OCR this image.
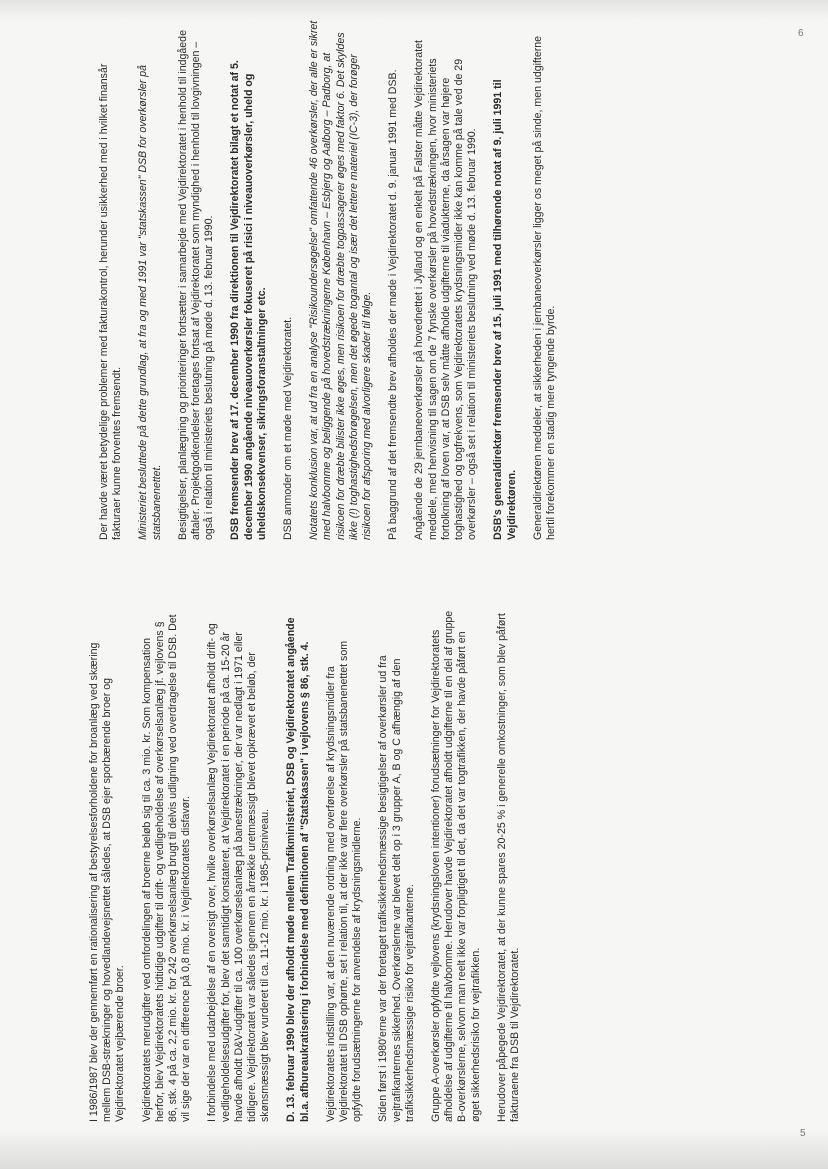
6
5

I 1986/1987 blev der gennemført en rationalisering af bestyrelsesforholdene for broanlæg ved skæring mellem DSB-strækninger og hovedlandevejsnettet således, at DSB ejer sporbærende broer og Vejdirektoratet vejbærende broer. Vejdirektoratets merudgifter ved omfordelingen af broerne beløb sig til ca. 3 mio. kr. Som kompensation herfor, blev Vejdirektoratets hidtidige udgifter til drift- og vedligeholdelse af overkørselsanlæg jf. vejlovens § 86, stk. 4 på ca. 2,2 mio. kr. for 242 overkørselsanlæg brugt til delvis udligning ved overdragelse til DSB. Det vil sige der var en difference på 0,8 mio. kr. i Vejdirektoratets disfavør. I forbindelse med udarbejdelse af en oversigt over, hvilke overkørselsanlæg Vejdirektoratet afholdt drift- og vedligeholdelsesudgifter for, blev det samtidigt konstateret, at Vejdirektoratet i en periode på ca. 15-20 år havde afholdt D&V-udgifter til ca. 100 overkørselsanlæg på banestrækninger, der var nedlagt i 1971 eller tidligere. Vejdirektoratet var således igennem en årrække uretmæssigt blevet opkrævet et beløb, der skønsmæssigt blev vurderet til ca. 11-12 mio. kr. i 1985-prisniveau. D. 13. februar 1990 blev der afholdt møde mellem Trafikministeriet, DSB og Vejdirektoratet angående bl.a. afbureaukratisering i forbindelse med definitionen af "Statskassen" i vejlovens § 86, stk. 4. Vejdirektoratets indstilling var, at den nuværende ordning med overførelse af krydsningsmidler fra Vejdirektoratet til DSB ophørte, set i relation til, at der ikke var flere overkørsler på statsbanenettet som opfyldte forudsætningerne for anvendelse af krydsningsmidlerne. Siden først i 1980'erne var der foretaget trafiksikkerhedsmæssige besigtigelser af overkørsler ud fra vejtrafikanternes sikkerhed. Overkørslerne var blevet delt op i 3 grupper A, B og C afhængig af den trafiksikkerhedsmæssige risiko for vejtrafikanterne. Gruppe A-overkørsler opfyldte vejlovens (krydsningsloven intentioner) forudsætninger for Vejdirektoratets afholdelse af udgifterne til halvbomme. Herudover havde Vejdirektoratet afholdt udgifterne til en del af gruppe B-overkørslerne, selvom man reelt ikke var forpligtiget til det, da det var togtrafikken, der havde påført en øget sikkerhedsrisiko for vejtrafikken. Herudover påpegede Vejdirektoratet, at der kunne spares 20-25 % i generelle omkostninger, som blev påført fakturaene fra DSB til Vejdirektoratet.

Der havde været betydelige problemer med fakturakontrol, herunder usikkerhed med i hvilket finansår fakturaer kunne forventes fremsendt. Ministeriet besluttede på dette grundlag, at fra og med 1991 var "statskassen" DSB for overkørsler på statsbanenettet. Besigtigelser, planlægning og prioriteringer fortsætter i samarbejde med Vejdirektoratet i henhold til indgåede aftaler. Projektgodkendelser foretages fortsat af Vejdirektoratet som myndighed i henhold til lovgivningen – også i relation til ministeriets beslutning på møde d. 13. februar 1990. DSB fremsender brev af 17. december 1990 fra direktionen til Vejdirektoratet bilagt et notat af 5. december 1990 angående niveauoverkørsler fokuseret på risici i niveauoverkørsler, uheld og uheldskonsekvenser, sikringsforanstaltninger etc. DSB anmoder om et møde med Vejdirektoratet. Notatets konklusion var, at ud fra en analyse "Risikoundersøgelse" omfattende 46 overkørsler, der alle er sikret med halvbomme og beliggende på hovedstrækningerne København – Esbjerg og Aalborg – Padborg, at risikoen for dræbte bilister ikke øges, men risikoen for dræbte togpassagerer øges med faktor 6. Det skyldes ikke (!) toghastighedsforøgelsen, men det øgede togantal og især det lettere materiel (IC-3), der forøger risikoen for afsporing med alvorligere skader til følge. På baggrund af det fremsendte brev afholdes der møde i Vejdirektoratet d. 9. januar 1991 med DSB. Angående de 29 jernbaneoverkørsler på hovednettet i Jylland og en enkelt på Falster måtte Vejdirektoratet meddele, med henvisning til sagen om de 7 fynske overkørsler på hovedstrækningen, hvor ministeriets fortolkning af loven var, at DSB selv måtte afholde udgifterne til viadukterne, da årsagen var højere toghastighed og togfrekvens, som Vejdirektoratets krydsningsmidler ikke kan komme på tale ved de 29 overkørsler – også set i relation til ministeriets beslutning ved møde d. 13. februar 1990. DSB's generaldirektør fremsender brev af 15. juli 1991 med tilhørende notat af 9. juli 1991 til Vejdirektøren. Generaldirektøren meddeler, at sikkerheden i jernbaneoverkørsler ligger os meget på sinde, men udgifterne hertil forekommer en stadig mere tyngende byrde.
